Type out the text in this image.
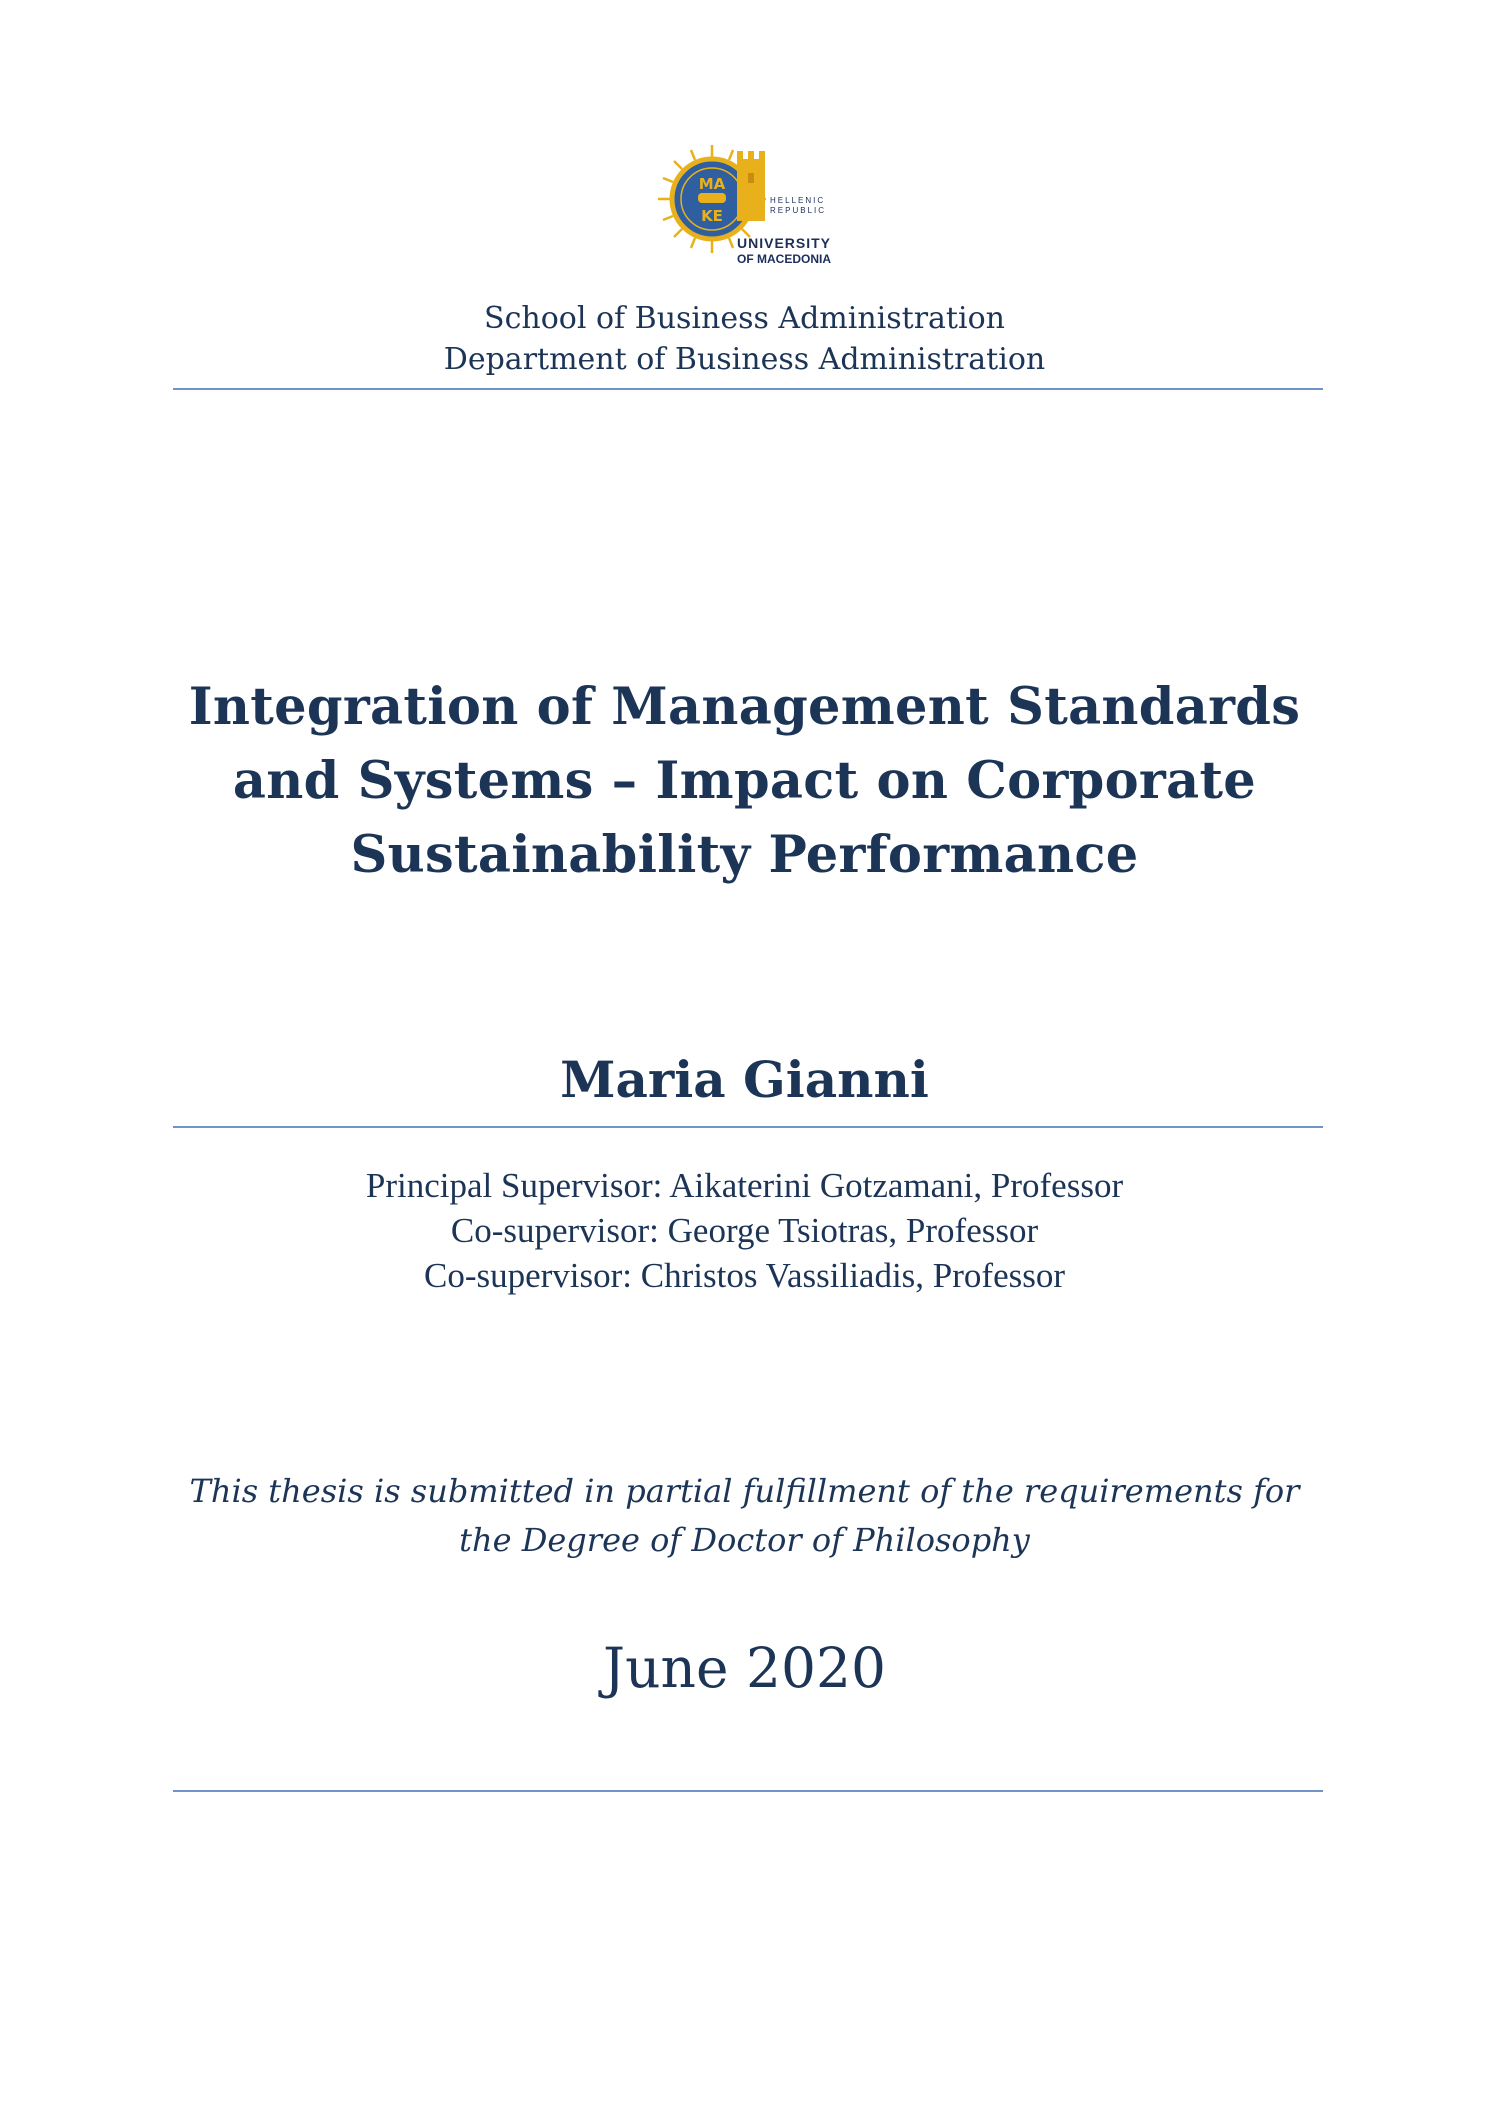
ΜΑ
ΚΕ
HELLENIC
REPUBLIC
UNIVERSITY
OF MACEDONIA
School of Business Administration
Department of Business Administration
Integration of Management Standards
and Systems – Impact on Corporate
Sustainability Performance
Maria Gianni
Principal Supervisor: Aikaterini Gotzamani, Professor
Co-supervisor: George Tsiotras, Professor
Co-supervisor: Christos Vassiliadis, Professor
This thesis is submitted in partial fulfillment of the requirements for
the Degree of Doctor of Philosophy
June 2020
